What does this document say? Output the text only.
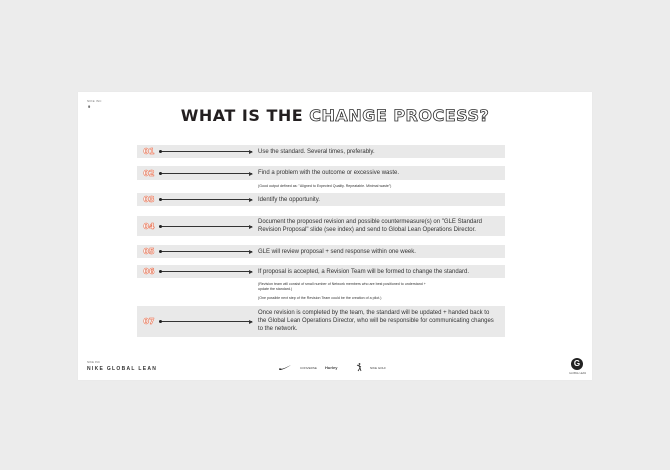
NIKE INC
9	WHAT IS THE CHANGE PROCESS?
01	Use the standard. Several times, preferably.
02	Find a problem with the outcome or excessive waste.
(Good output defined as: "Aligned to Expected Quality. Repeatable. Minimal waste")
03	Identify the opportunity.
04	Document the proposed revision and possible countermeasure(s) on "GLE Standard Revision Proposal" slide (see index) and send to Global Lean Operations Director.
05	GLE will review proposal + send response within one week.
06	If proposal is accepted, a Revision Team will be formed to change the standard.
(Revision team will consist of small number of Network members who are best positioned to understand + update the standard.)
(One possible next step of the Revision Team could be the creation of a pilot.)
07
Once revision is completed by the team, the standard will be updated + handed back to the Global Lean Operations Director, who will be responsible for communicating changes to the network.
NIKE INC
NIKE GLOBAL LEAN	CONVERSE Hurley	NIKE GOLF	G
GLOBAL LEAN
